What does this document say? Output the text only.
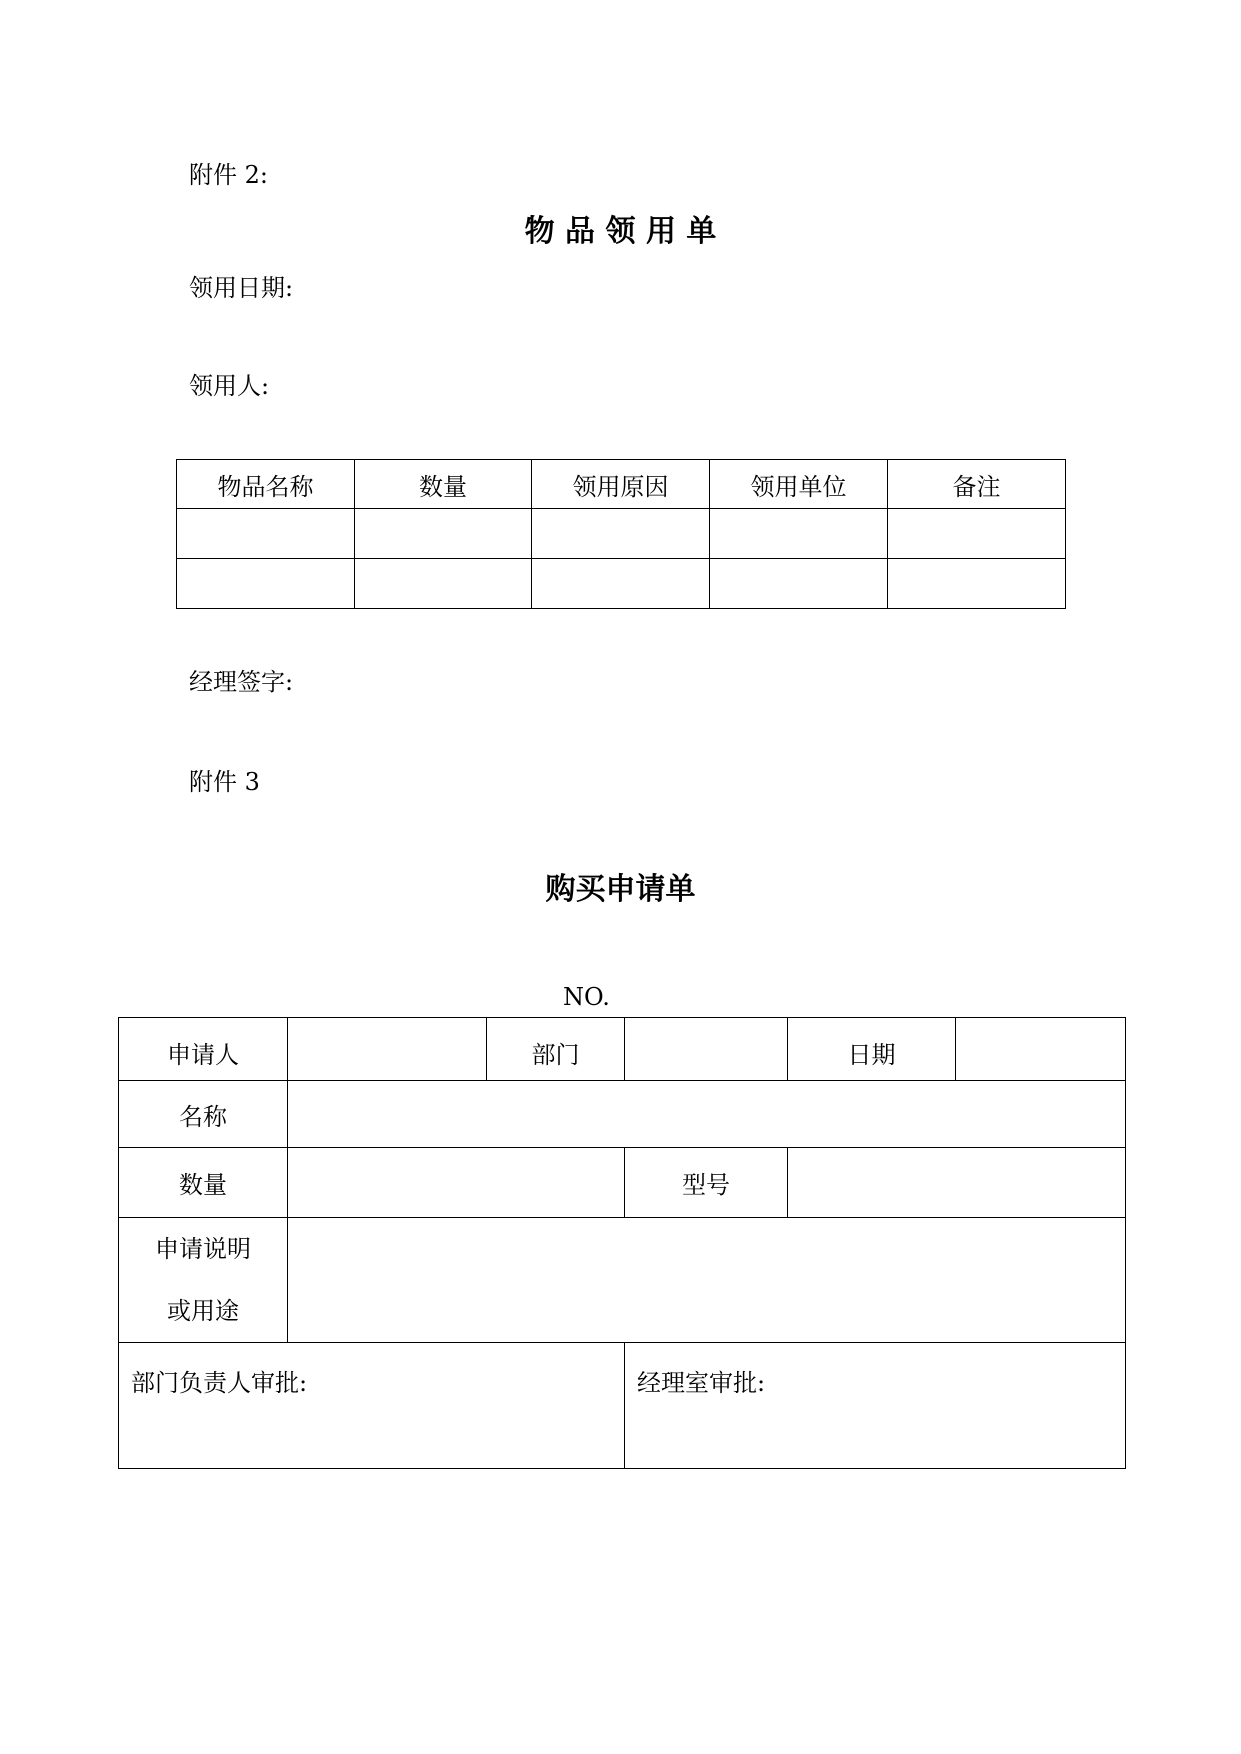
附件 2:

物 品 领 用 单

领用日期:

领用人:

物品名称	数量	领用原因	领用单位	备注

经理签字:

附件 3

购买申请单

NO.

申请人		部门		日期	
名称					
数量			型号		

申请说明
或用途					

部门负责人审批:			经理室审批:		
